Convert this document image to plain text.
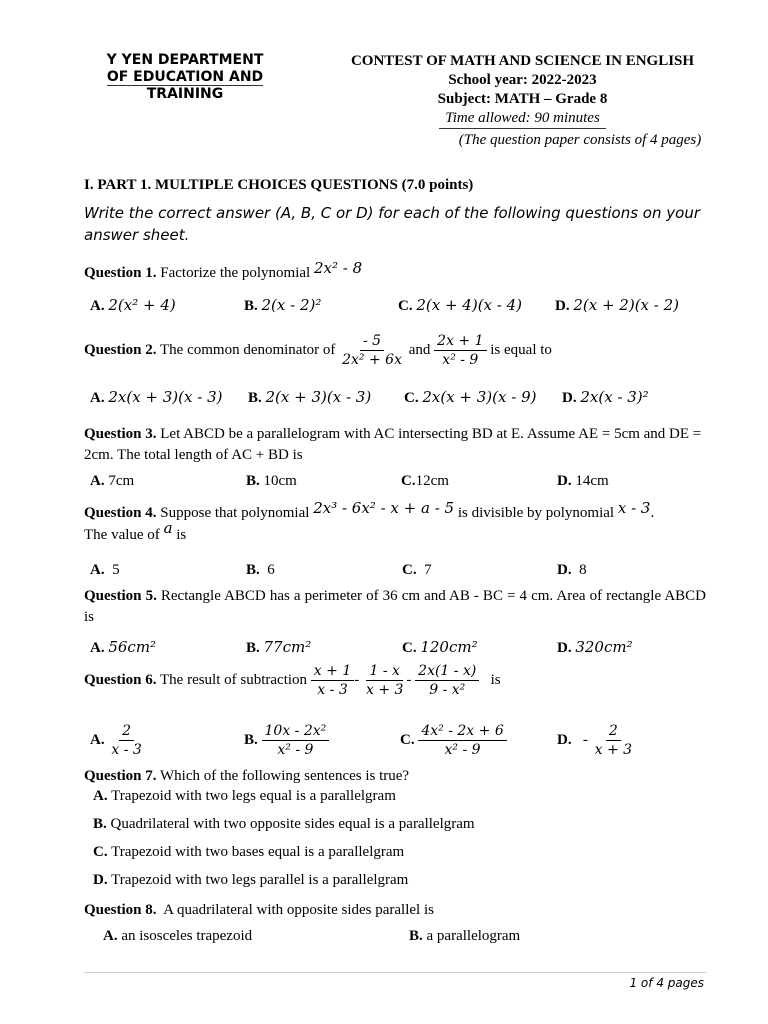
Y YEN DEPARTMENT
OF EDUCATION AND
TRAINING
CONTEST OF MATH AND SCIENCE IN ENGLISH
School year: 2022-2023
Subject: MATH – Grade 8
Time allowed: 90 minutes
(The question paper consists of 4 pages)
I. PART 1. MULTIPLE CHOICES QUESTIONS (7.0 points)
Write the correct answer (A, B, C or D) for each of the following questions on your answer sheet.
Question 1. Factorize the polynomial 2x² - 8
A. 2(x² + 4)	B. 2(x - 2)²	C. 2(x + 4)(x - 4) D. 2(x + 2)(x - 2)
Question 2. The common denominator of $\frac{- 5}{\text{2x² + 6x}}$ and $\frac{2x + 1}{\text{x² - 9}}$ is equal to
A. 2x(x + 3)(x - 3) B. 2(x + 3)(x - 3) C. 2x(x + 3)(x - 9) D. 2x(x - 3)²
Question 3. Let ABCD be a parallelogram with AC intersecting BD at E. Assume AE = 5cm and DE = 2cm. The total length of AC + BD is
A. 7cm	B. 10cm	C.12cm	D. 14cm
Question 4. Suppose that polynomial 2x³ - 6x² - x + a - 5 is divisible by polynomial x - 3.
The value of a is
A. 5	B. 6	C. 7	D. 8
Question 5. Rectangle ABCD has a perimeter of 36 cm and AB - BC = 4 cm. Area of rectangle ABCD is
A. 56cm²	B. 77cm²	C. 120cm²	D. 320cm²
Question 6. The result of subtraction $\frac{x + 1}{x - 3} - \frac{1 - x}{x + 3} - \frac{2x(1 - x)}{\text{9 - x²}}$ is
A. $\frac{2}{x - 3}$	B. $\frac{\text{10x - 2x²}}{\text{x² - 9}}$	C. $\frac{\text{4x² - 2x + 6}}{\text{x² - 9}}$	D.   - $\frac{2}{x + 3}$
Question 7. Which of the following sentences is true?
A. Trapezoid with two legs equal is a parallelgram
B. Quadrilateral with two opposite sides equal is a parallelgram
C. Trapezoid with two bases equal is a parallelgram
D. Trapezoid with two legs parallel is a parallelgram
Question 8. A quadrilateral with opposite sides parallel is
A. an isosceles trapezoid	B. a parallelogram
1 of 4 pages
